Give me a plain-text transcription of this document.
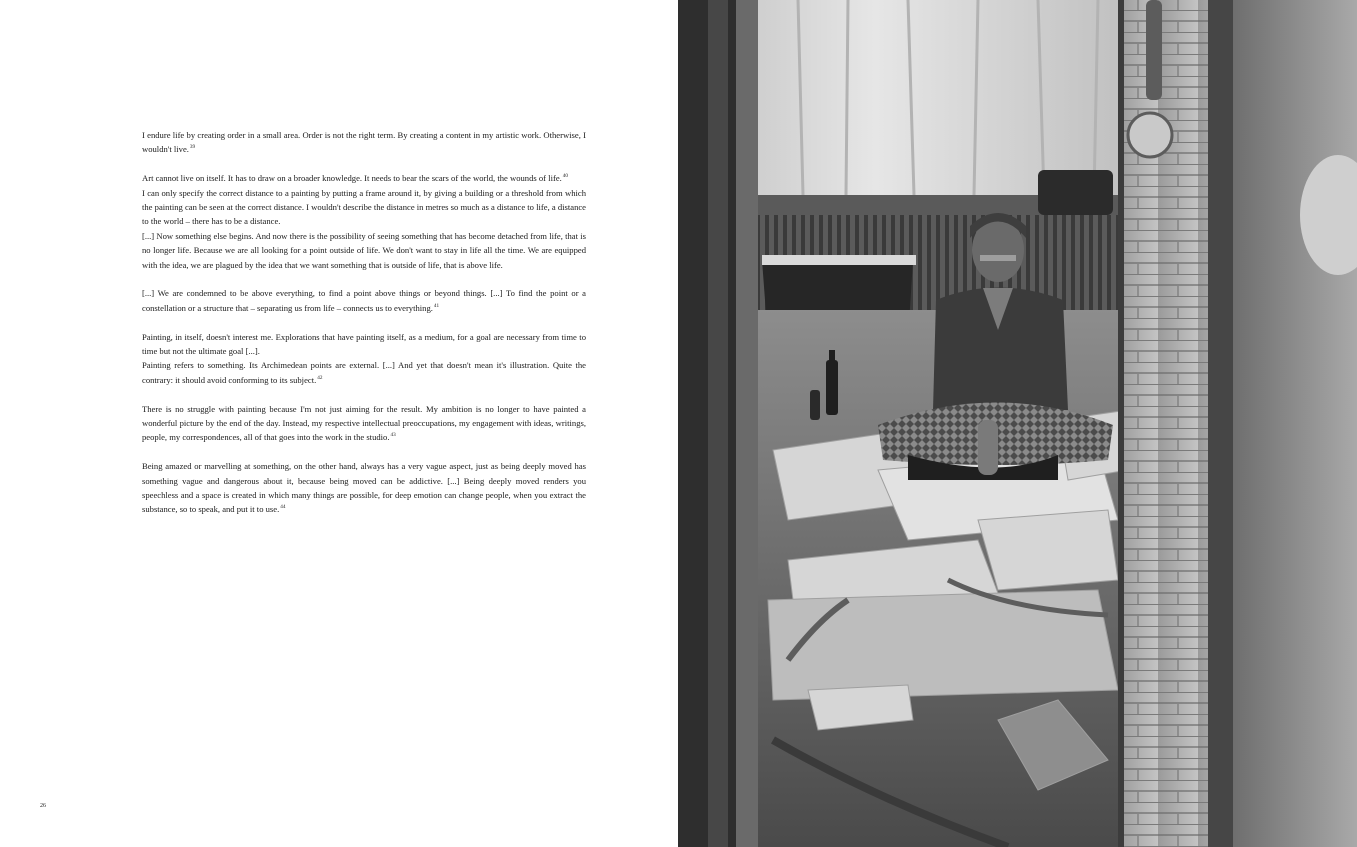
I endure life by creating order in a small area. Order is not the right term. By creating a content in my artistic work. Otherwise, I wouldn't live.$^{39}$

Art cannot live on itself. It has to draw on a broader knowledge. It needs to bear the scars of the world, the wounds of life.$^{40}$

I can only specify the correct distance to a painting by putting a frame around it, by giving a building or a threshold from which the painting can be seen at the correct distance. I wouldn't describe the distance in metres so much as a distance to life, a distance to the world – there has to be a distance.

[...] Now something else begins. And now there is the possibility of seeing something that has become detached from life, that is no longer life. Because we are all looking for a point outside of life. We don't want to stay in life all the time. We are equipped with the idea, we are plagued by the idea that we want something that is outside of life, that is above life.

[...] We are condemned to be above everything, to find a point above things or beyond things. [...] To find the point or a constellation or a structure that – separating us from life – connects us to everything.$^{41}$

Painting, in itself, doesn't interest me. Explorations that have painting itself, as a medium, for a goal are necessary from time to time but not the ultimate goal [...].

Painting refers to something. Its Archimedean points are external. [...] And yet that doesn't mean it's illustration. Quite the contrary: it should avoid conforming to its subject.$^{42}$

There is no struggle with painting because I'm not just aiming for the result. My ambition is no longer to have painted a wonderful picture by the end of the day. Instead, my respective intellectual preoccupations, my engagement with ideas, writings, people, my correspondences, all of that goes into the work in the studio.$^{43}$

Being amazed or marvelling at something, on the other hand, always has a very vague aspect, just as being deeply moved has something vague and dangerous about it, because being moved can be addictive. [...] Being deeply moved renders you speechless and a space is created in which many things are possible, for deep emotion can change people, when you extract the substance, so to speak, and put it to use.$^{44}$

26
